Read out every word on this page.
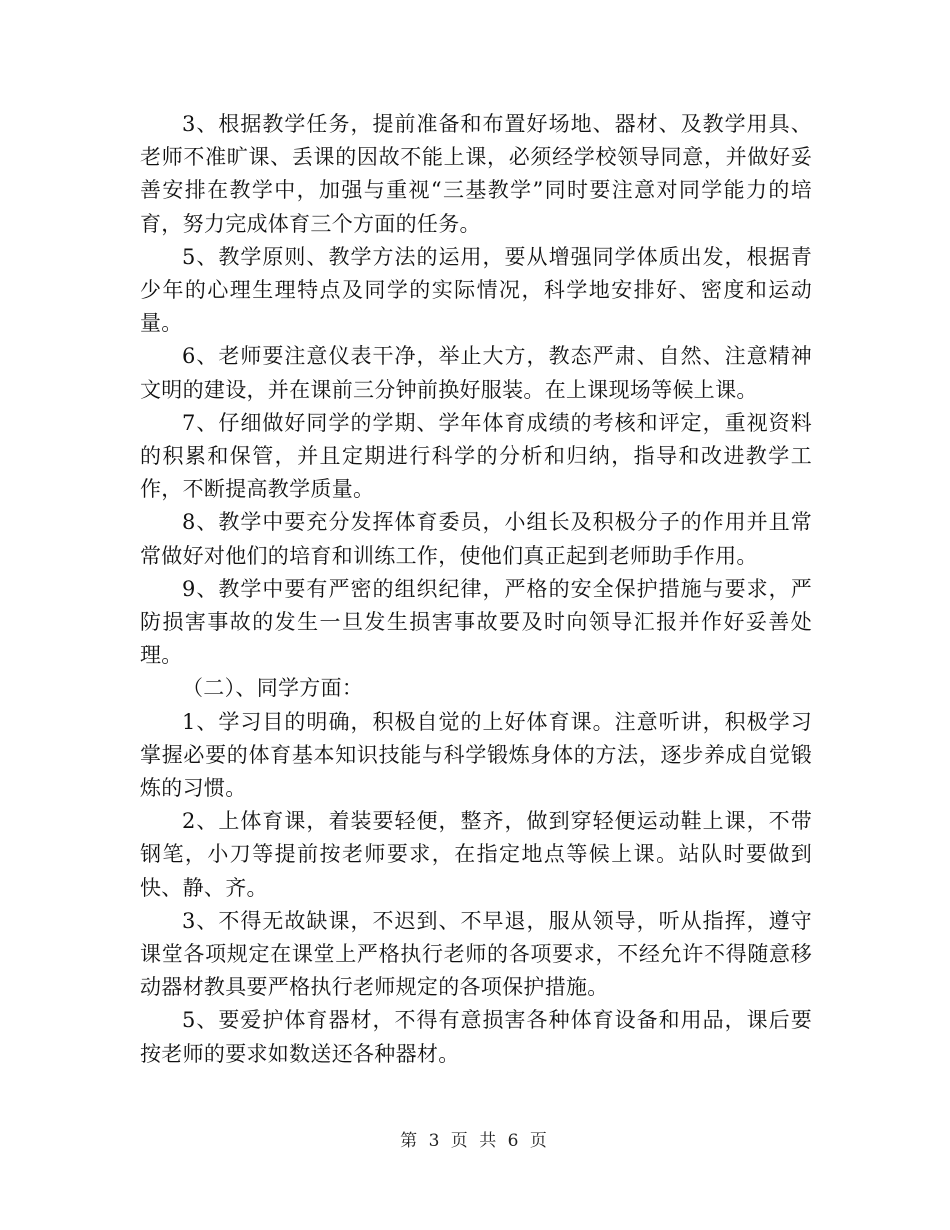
3、根据教学任务，提前准备和布置好场地、器材、及教学用具、老师不准旷课、丢课的因故不能上课，必须经学校领导同意，并做好妥善安排在教学中，加强与重视“三基教学”同时要注意对同学能力的培育，努力完成体育三个方面的任务。

5、教学原则、教学方法的运用，要从增强同学体质出发，根据青少年的心理生理特点及同学的实际情况，科学地安排好、密度和运动量。

6、老师要注意仪表干净，举止大方，教态严肃、自然、注意精神文明的建设，并在课前三分钟前换好服装。在上课现场等候上课。

7、仔细做好同学的学期、学年体育成绩的考核和评定，重视资料的积累和保管，并且定期进行科学的分析和归纳，指导和改进教学工作，不断提高教学质量。

8、教学中要充分发挥体育委员，小组长及积极分子的作用并且常常做好对他们的培育和训练工作，使他们真正起到老师助手作用。

9、教学中要有严密的组织纪律，严格的安全保护措施与要求，严防损害事故的发生一旦发生损害事故要及时向领导汇报并作好妥善处理。

（二）、同学方面：

1、学习目的明确，积极自觉的上好体育课。注意听讲，积极学习掌握必要的体育基本知识技能与科学锻炼身体的方法，逐步养成自觉锻炼的习惯。

2、上体育课，着装要轻便，整齐，做到穿轻便运动鞋上课，不带钢笔，小刀等提前按老师要求，在指定地点等候上课。站队时要做到快、静、齐。

3、不得无故缺课，不迟到、不早退，服从领导，听从指挥，遵守课堂各项规定在课堂上严格执行老师的各项要求，不经允许不得随意移动器材教具要严格执行老师规定的各项保护措施。

5、要爱护体育器材，不得有意损害各种体育设备和用品，课后要按老师的要求如数送还各种器材。

第 3 页 共 6 页
